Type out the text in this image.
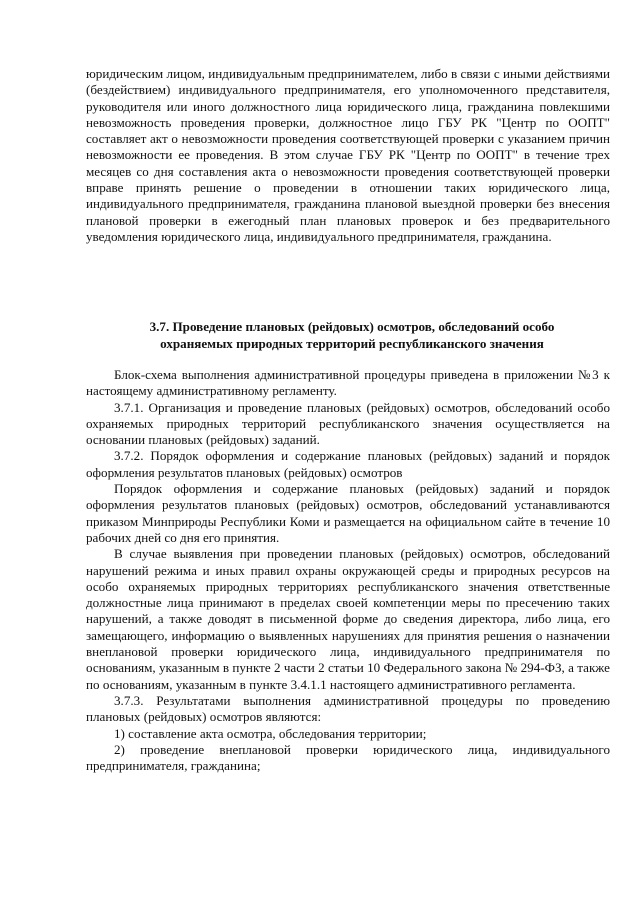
юридическим лицом, индивидуальным предпринимателем, либо в связи с иными действиями (бездействием) индивидуального предпринимателя, его уполномоченного представителя, руководителя или иного должностного лица юридического лица, гражданина повлекшими невозможность проведения проверки, должностное лицо ГБУ РК "Центр по ООПТ" составляет акт о невозможности проведения соответствующей проверки с указанием причин невозможности ее проведения. В этом случае ГБУ РК "Центр по ООПТ" в течение трех месяцев со дня составления акта о невозможности проведения соответствующей проверки вправе принять решение о проведении в отношении таких юридического лица, индивидуального предпринимателя, гражданина плановой выездной проверки без внесения плановой проверки в ежегодный план плановых проверок и без предварительного уведомления юридического лица, индивидуального предпринимателя, гражданина.

3.7. Проведение плановых (рейдовых) осмотров, обследований особо

охраняемых природных территорий республиканского значения

Блок-схема выполнения административной процедуры приведена в приложении №3 к настоящему административному регламенту.

3.7.1. Организация и проведение плановых (рейдовых) осмотров, обследований особо охраняемых природных территорий республиканского значения осуществляется на основании плановых (рейдовых) заданий.

3.7.2. Порядок оформления и содержание плановых (рейдовых) заданий и порядок оформления результатов плановых (рейдовых) осмотров

Порядок оформления и содержание плановых (рейдовых) заданий и порядок оформления результатов плановых (рейдовых) осмотров, обследований устанавливаются приказом Минприроды Республики Коми и размещается на официальном сайте в течение 10 рабочих дней со дня его принятия.

В случае выявления при проведении плановых (рейдовых) осмотров, обследований нарушений режима и иных правил охраны окружающей среды и природных ресурсов на особо охраняемых природных территориях республиканского значения ответственные должностные лица принимают в пределах своей компетенции меры по пресечению таких нарушений, а также доводят в письменной форме до сведения директора, либо лица, его замещающего, информацию о выявленных нарушениях для принятия решения о назначении внеплановой проверки юридического лица, индивидуального предпринимателя по основаниям, указанным в пункте 2 части 2 статьи 10 Федерального закона № 294-ФЗ, а также по основаниям, указанным в пункте 3.4.1.1 настоящего административного регламента.

3.7.3. Результатами выполнения административной процедуры по проведению плановых (рейдовых) осмотров являются:

1) составление акта осмотра, обследования территории;

2) проведение внеплановой проверки юридического лица, индивидуального предпринимателя, гражданина;
